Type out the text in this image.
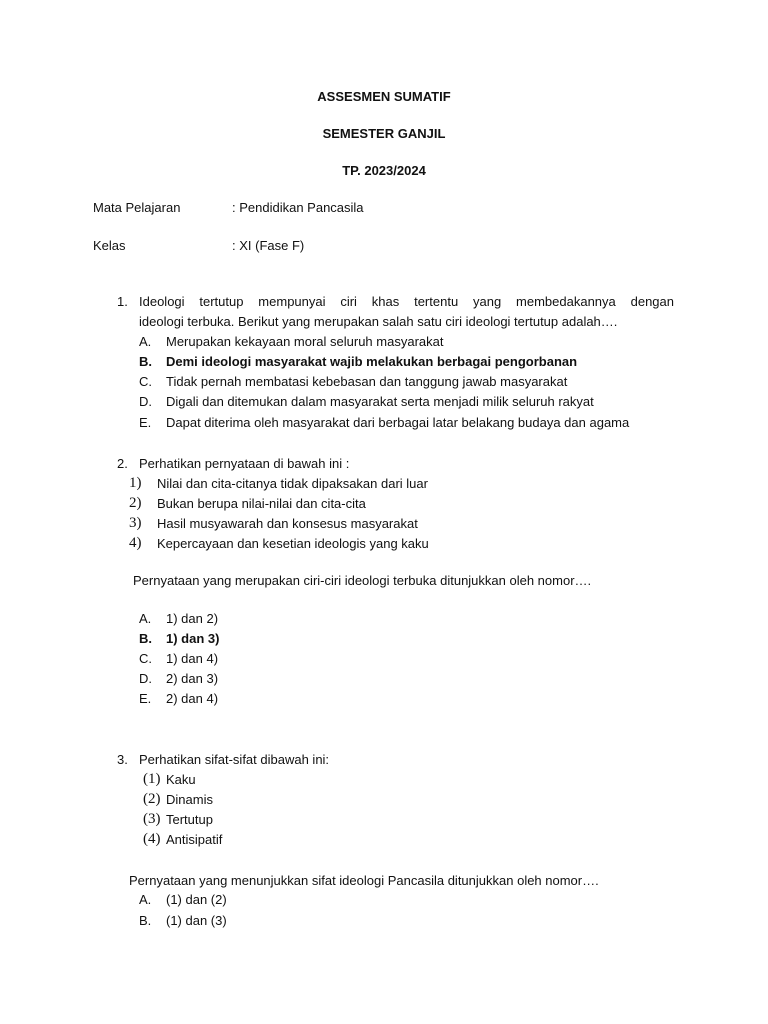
ASSESMEN SUMATIF
SEMESTER GANJIL
TP. 2023/2024
Mata Pelajaran	: Pendidikan Pancasila
Kelas	: XI (Fase F)
1. Ideologi tertutup mempunyai ciri khas tertentu yang membedakannya dengan
ideologi terbuka. Berikut yang merupakan salah satu ciri ideologi tertutup adalah….
A. Merupakan kekayaan moral seluruh masyarakat
B. Demi ideologi masyarakat wajib melakukan berbagai pengorbanan
C. Tidak pernah membatasi kebebasan dan tanggung jawab masyarakat
D. Digali dan ditemukan dalam masyarakat serta menjadi milik seluruh rakyat
E. Dapat diterima oleh masyarakat dari berbagai latar belakang budaya dan agama
2. Perhatikan pernyataan di bawah ini :
1) Nilai dan cita-citanya tidak dipaksakan dari luar
2) Bukan berupa nilai-nilai dan cita-cita
3) Hasil musyawarah dan konsesus masyarakat
4) Kepercayaan dan kesetian ideologis yang kaku
Pernyataan yang merupakan ciri-ciri ideologi terbuka ditunjukkan oleh nomor….
A. 1) dan 2)
B. 1) dan 3)
C. 1) dan 4)
D. 2) dan 3)
E. 2) dan 4)
3. Perhatikan sifat-sifat dibawah ini:
(1) Kaku
(2) Dinamis
(3) Tertutup
(4) Antisipatif
Pernyataan yang menunjukkan sifat ideologi Pancasila ditunjukkan oleh nomor….
A. (1) dan (2)
B. (1) dan (3)
